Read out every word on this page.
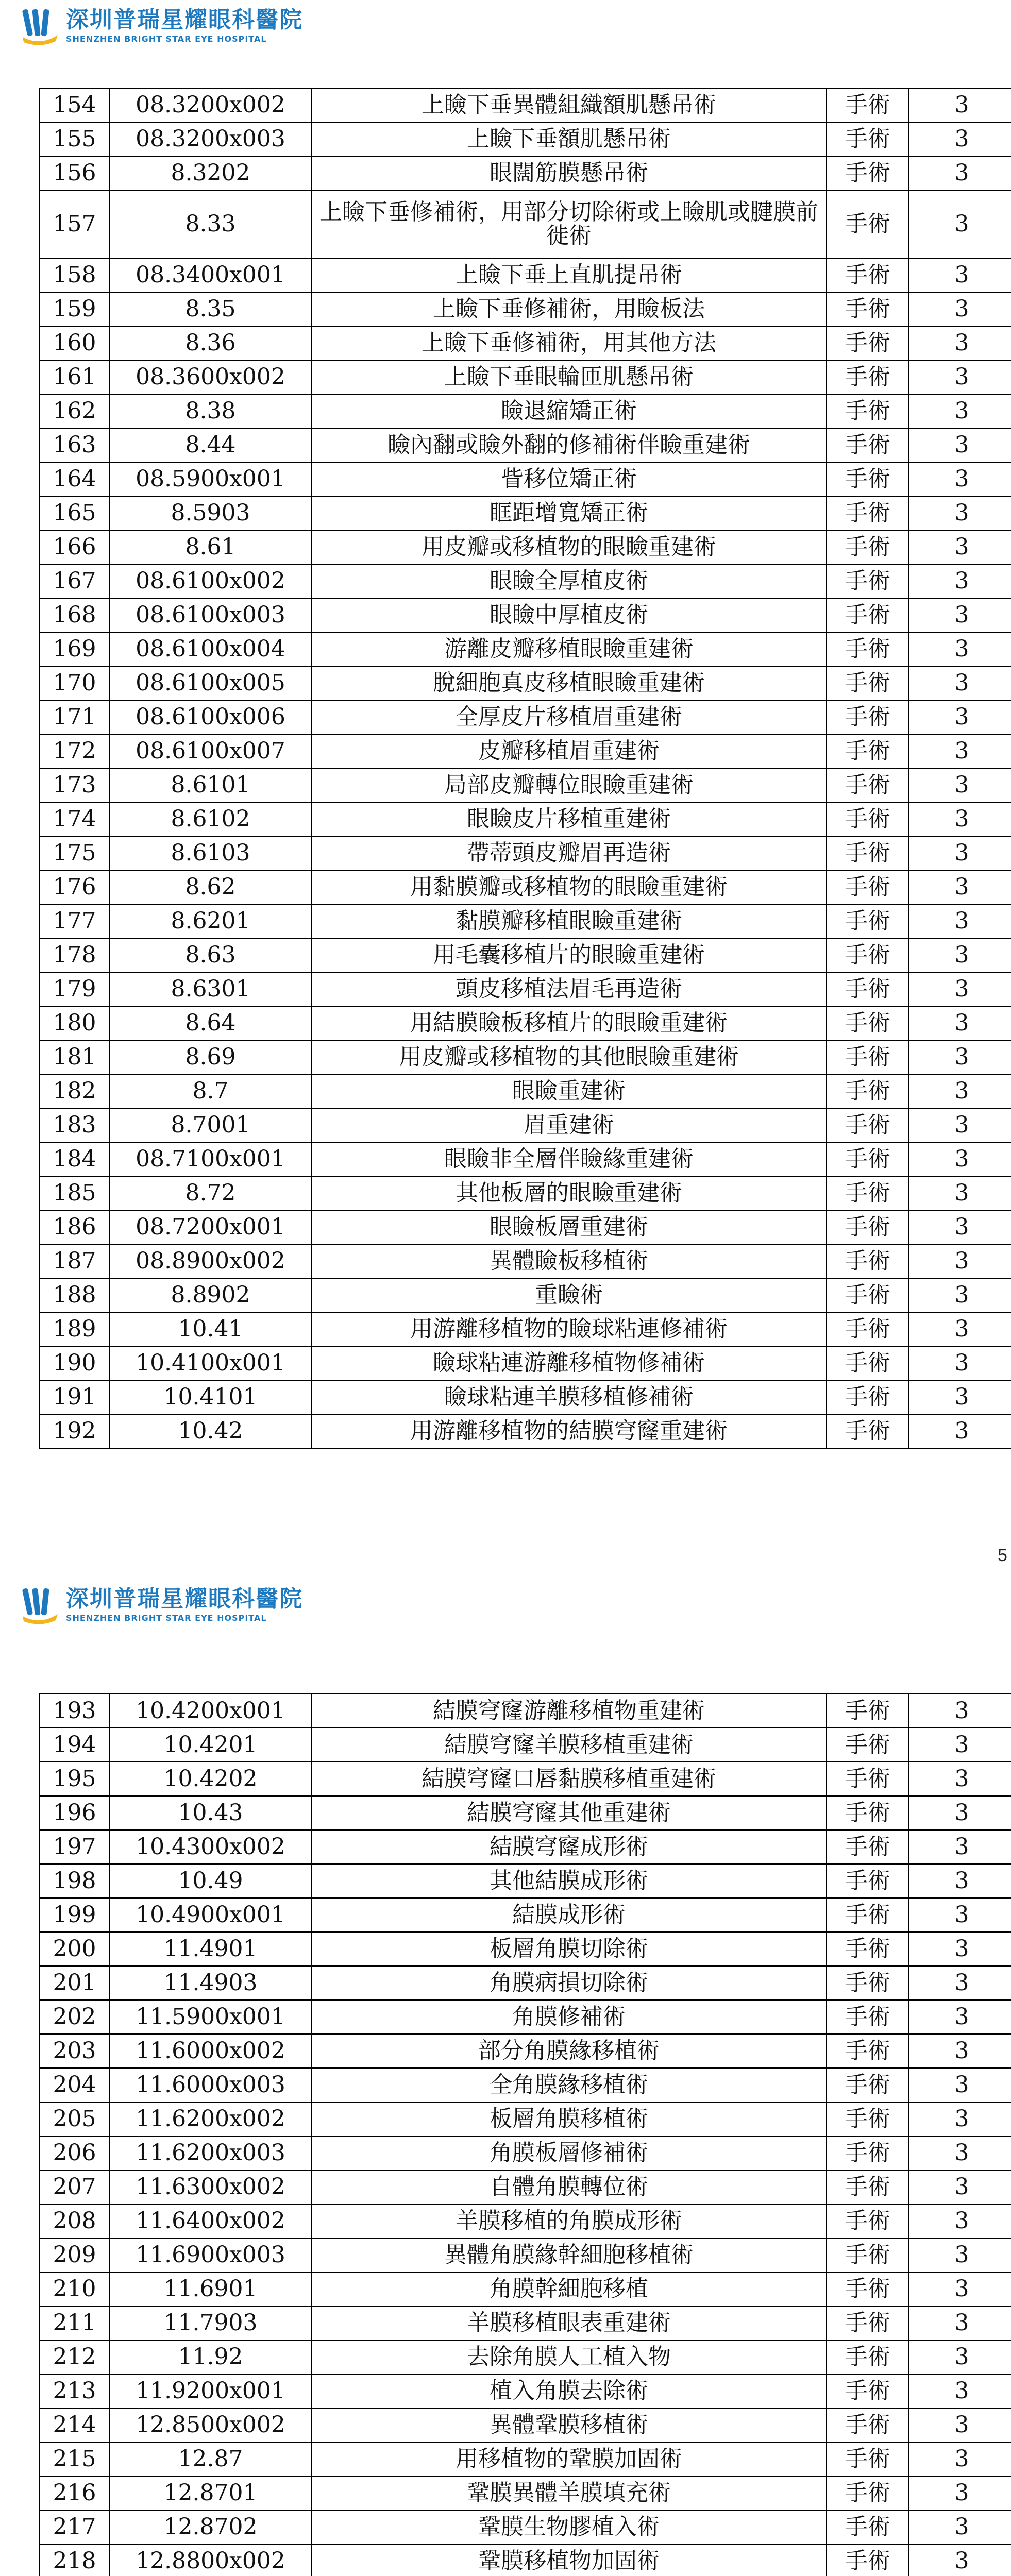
深圳普瑞星耀眼科醫院
SHENZHEN BRIGHT STAR EYE HOSPITAL
154	08.3200x002	上瞼下垂異體組織額肌懸吊術	手術	3
155	08.3200x003	上瞼下垂額肌懸吊術	手術	3
156	8.3202	眼闊筋膜懸吊術	手術	3
157	8.33	上瞼下垂修補術，用部分切除術或上瞼肌或腱膜前徙術	手術	3
158	08.3400x001	上瞼下垂上直肌提吊術	手術	3
159	8.35	上瞼下垂修補術，用瞼板法	手術	3
160	8.36	上瞼下垂修補術，用其他方法	手術	3
161	08.3600x002	上瞼下垂眼輪匝肌懸吊術	手術	3
162	8.38	瞼退縮矯正術	手術	3
163	8.44	瞼內翻或瞼外翻的修補術伴瞼重建術	手術	3
164	08.5900x001	眥移位矯正術	手術	3
165	8.5903	眶距增寬矯正術	手術	3
166	8.61	用皮瓣或移植物的眼瞼重建術	手術	3
167	08.6100x002	眼瞼全厚植皮術	手術	3
168	08.6100x003	眼瞼中厚植皮術	手術	3
169	08.6100x004	游離皮瓣移植眼瞼重建術	手術	3
170	08.6100x005	脫細胞真皮移植眼瞼重建術	手術	3
171	08.6100x006	全厚皮片移植眉重建術	手術	3
172	08.6100x007	皮瓣移植眉重建術	手術	3
173	8.6101	局部皮瓣轉位眼瞼重建術	手術	3
174	8.6102	眼瞼皮片移植重建術	手術	3
175	8.6103	帶蒂頭皮瓣眉再造術	手術	3
176	8.62	用黏膜瓣或移植物的眼瞼重建術	手術	3
177	8.6201	黏膜瓣移植眼瞼重建術	手術	3
178	8.63	用毛囊移植片的眼瞼重建術	手術	3
179	8.6301	頭皮移植法眉毛再造術	手術	3
180	8.64	用結膜瞼板移植片的眼瞼重建術	手術	3
181	8.69	用皮瓣或移植物的其他眼瞼重建術	手術	3
182	8.7	眼瞼重建術	手術	3
183	8.7001	眉重建術	手術	3
184	08.7100x001	眼瞼非全層伴瞼緣重建術	手術	3
185	8.72	其他板層的眼瞼重建術	手術	3
186	08.7200x001	眼瞼板層重建術	手術	3
187	08.8900x002	異體瞼板移植術	手術	3
188	8.8902	重瞼術	手術	3
189	10.41	用游離移植物的瞼球粘連修補術	手術	3
190	10.4100x001	瞼球粘連游離移植物修補術	手術	3
191	10.4101	瞼球粘連羊膜移植修補術	手術	3
192	10.42	用游離移植物的結膜穹窿重建術	手術	3
5
深圳普瑞星耀眼科醫院
SHENZHEN BRIGHT STAR EYE HOSPITAL
193	10.4200x001	結膜穹窿游離移植物重建術	手術	3
194	10.4201	結膜穹窿羊膜移植重建術	手術	3
195	10.4202	結膜穹窿口唇黏膜移植重建術	手術	3
196	10.43	結膜穹窿其他重建術	手術	3
197	10.4300x002	結膜穹窿成形術	手術	3
198	10.49	其他結膜成形術	手術	3
199	10.4900x001	結膜成形術	手術	3
200	11.4901	板層角膜切除術	手術	3
201	11.4903	角膜病損切除術	手術	3
202	11.5900x001	角膜修補術	手術	3
203	11.6000x002	部分角膜緣移植術	手術	3
204	11.6000x003	全角膜緣移植術	手術	3
205	11.6200x002	板層角膜移植術	手術	3
206	11.6200x003	角膜板層修補術	手術	3
207	11.6300x002	自體角膜轉位術	手術	3
208	11.6400x002	羊膜移植的角膜成形術	手術	3
209	11.6900x003	異體角膜緣幹細胞移植術	手術	3
210	11.6901	角膜幹細胞移植	手術	3
211	11.7903	羊膜移植眼表重建術	手術	3
212	11.92	去除角膜人工植入物	手術	3
213	11.9200x001	植入角膜去除術	手術	3
214	12.8500x002	異體鞏膜移植術	手術	3
215	12.87	用移植物的鞏膜加固術	手術	3
216	12.8701	鞏膜異體羊膜填充術	手術	3
217	12.8702	鞏膜生物膠植入術	手術	3
218	12.8800x002	鞏膜移植物加固術	手術	3
